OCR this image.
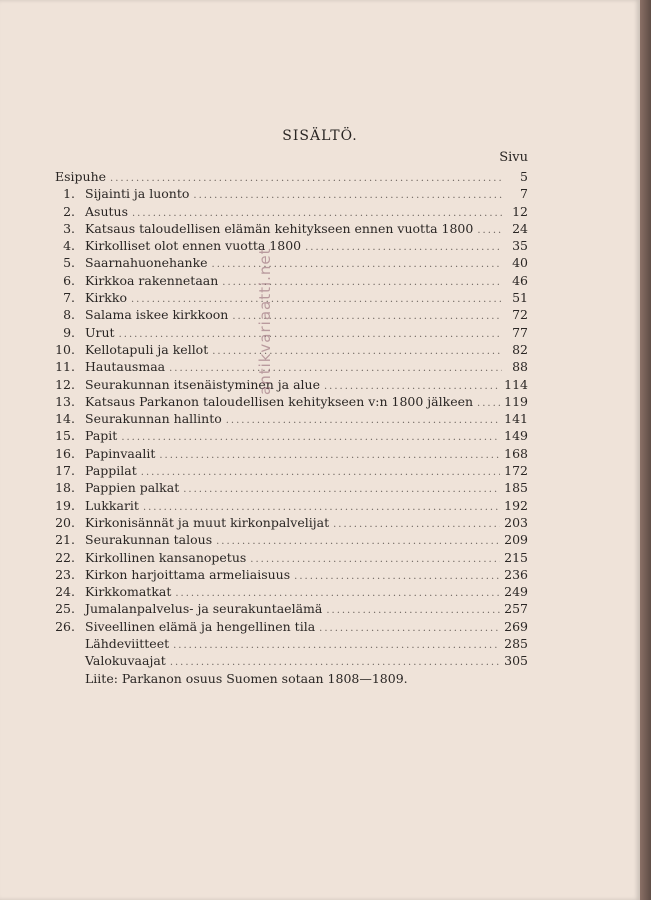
SISÄLTÖ.
Sivu
Esipuhe .....	5
1. Sijainti ja luonto .....	7
2. Asutus .....	12
3. Katsaus taloudellisen elämän kehitykseen ennen vuotta 1800 .....	24
4. Kirkolliset olot ennen vuotta 1800 .....	35
5. Saarnahuonehanke .....	40
6. Kirkkoa rakennetaan .....	46
7. Kirkko .....	51
8. Salama iskee kirkkoon .....	72
9. Urut .....	77
10. Kellotapuli ja kellot .....	82
11. Hautausmaa .....	88
12. Seurakunnan itsenäistyminen ja alue .....	114
13. Katsaus Parkanon taloudellisen kehitykseen v:n 1800 jälkeen ..... 119
14. Seurakunnan hallinto .....	141
15. Papit .....	149
16. Papinvaalit .....	168
17. Pappilat .....	172
18. Pappien palkat .....	185
19. Lukkarit .....	192
20. Kirkonisännät ja muut kirkonpalvelijat .....	203
21. Seurakunnan talous .....	209
22. Kirkollinen kansanopetus .....	215
23. Kirkon harjoittama armeliaisuus .....	236
24. Kirkkomatkat .....	249
25. Jumalanpalvelus- ja seurakuntaelämä .....	257
26. Siveellinen elämä ja hengellinen tila .....	269
Lähdeviitteet .....	285
Valokuvaajat .....	305
Liite: Parkanon osuus Suomen sotaan 1808—1809.
antikvariaatti.net
